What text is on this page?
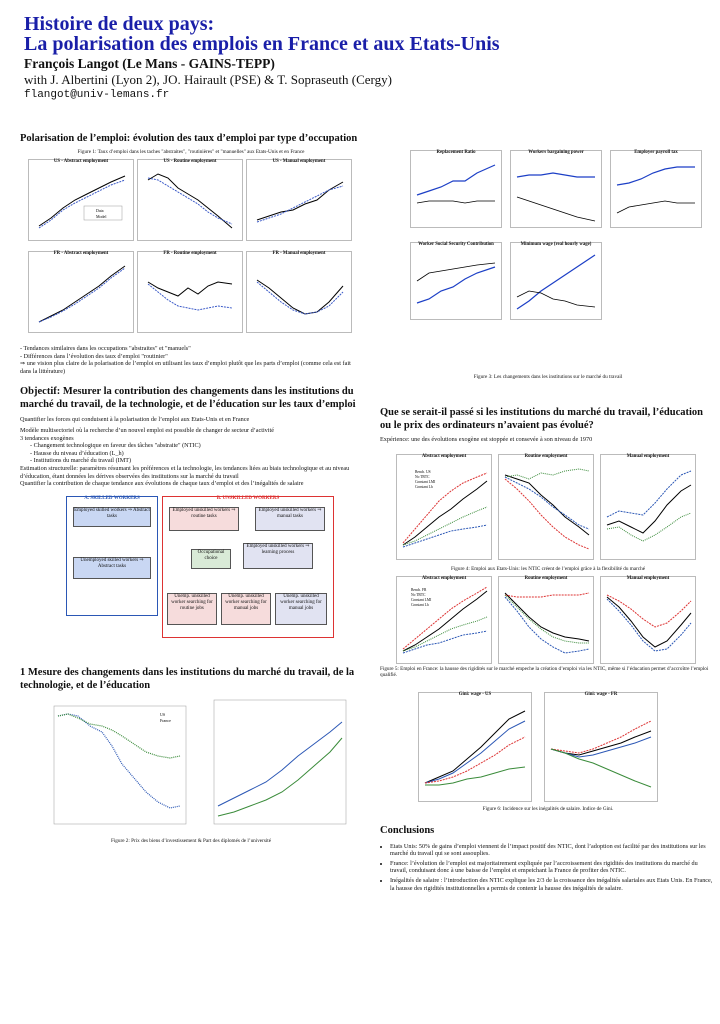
Histoire de deux pays:
La polarisation des emplois en France et aux Etats-Unis
François Langot (Le Mans - GAINS-TEPP)
with J. Albertini (Lyon 2), JO. Hairault (PSE) & T. Sopraseuth (Cergy)
flangot@univ-lemans.fr

Polarisation de l’emploi: évolution des taux d’emploi par type d’occupation

Figure 1: Taux d’emploi dans les taches "abstraites", "routinières" et "manuelles" aux Etats-Unis et en France
US - Abstract employment
Data
Model
US - Routine employment	US - Manual employment
FR - Abstract employment	FR - Routine employment	FR - Manual employment
- Tendances similaires dans les occupations "abstraites" et "manuels"
- Différences dans l’évolution des taux d’emploi "routinier"
⇒ une vision plus claire de la polarisation de l’emploi en utilisant les taux d’emploi plutôt que les parts d’emploi (comme cela est fait dans la littérature)

Objectif: Mesurer la contribution des changements dans les institutions du marché du travail, de la technologie, et de l’éducation sur les taux d’emploi

Quantifier les forces qui conduisent à la polarisation de l’emploi aux Etats-Unis et en France
Modèle multisectoriel où la recherche d’un nouvel emploi est possible de changer de secteur d’activité
3 tendances exogènes
- Changement technologique en faveur des tâches "abstraite" (NTIC)
- Hausse du niveau d’éducation (L_h)
- Institutions du marché du travail (IMT)
Estimation structurelle: paramètres résumant les préférences et la technologie, les tendances liées au biais technologique et au niveau d’éducation, étant données les dérives observées des institutions sur la marché du travail
Quantifier la contribution de chaque tendance aux évolutions de chaque taux d’emploi et des l’inégalités de salaire
A. SKILLED WORKERS
Employed skilled workers ⇒ Abstract tasks
Unemployed skilled workers ⇒ Abstract tasks
B. UNSKILLED WORKERS
Employed unskilled workers ⇒ routine tasks
Employed unskilled workers ⇒ manual tasks
Occupational choice
Employed unskilled workers ⇒ learning process
Unemp. unskilled worker searching for routine jobs
Unemp. unskilled worker searching for manual jobs
Unemp. unskilled worker searching for manual jobs

1 Mesure des changements dans les institutions du marché du travail, de la technologie, et de l’éducation

US
France
Figure 2: Prix des biens d’investissement & Part des diplomés de l’université
Replacement Ratio	Workers bargaining power	Employer payroll tax
Worker Social Security Contribution	Minimum wage (real hourly wage)
Figure 3: Les changements dans les institutions sur le marché du travail

Que se serait-il passé si les institutions du marché du travail, l’éducation ou le prix des ordinateurs n’avaient pas évolué?

Expérience: une des évolutions exogène est stoppée et consevée à son niveau de 1970
Abstract employment
Bench. US
No TBTC
Constant LMI
Constant Lh
Routine employment	Manual employment
Figure 4: Emploi aux Etats-Unis: les NTIC créent de l’emploi grâce à la flexibilité du marché
Abstract employment
Bench. FR
No TBTC
Constant LMI
Constant Lh
Routine employment	Manual employment
Figure 5: Emploi en France: la hausse des rigidités sur le marché empeche la création d’emploi via les NTIC, même si l’éducation permet d’accroître l’emploi qualifié.
Gini: wage - US	Gini: wage - FR
Figure 6: Incidence sur les inégalités de salaire. Indice de Gini.

Conclusions

• Etats Unis: 50% de gains d’emploi viennent de l’impact positif des NTIC, dont l’adoption est facilité par des institutions sur les marché du travail qui se sont assouplies.
• France: l’évolution de l’emploi est majoritairement expliquée par l’accroissement des rigidités des institutions du marché du travail, conduisant donc à une baisse de l’emploi et empeichant la France de profiter des NTIC.
• Inégalités de salaire : l’introduction des NTIC explique les 2/3 de la croissance des inégalités salariales aux Etats Unis. En France, la hausse des rigidités institutionnelles a permis de contenir la hausse des inégalités de salaire.
